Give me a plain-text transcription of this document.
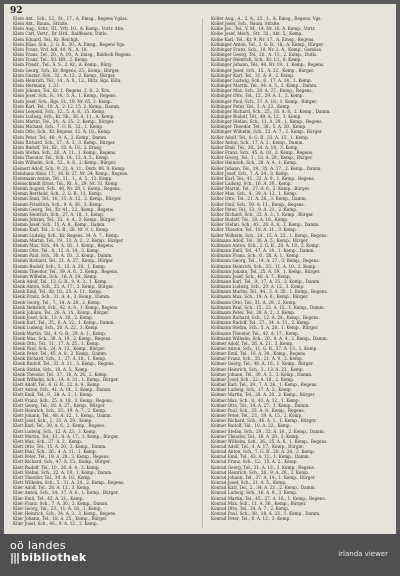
92
Klein Ant., Sch., 12., St., 17., A. Emsg., Regens Vgäss.
Klein Ant., Baum., Straße.
Klein Aug., Schr., III., Vrb. 10., A. Kemp., Vortr. Abn.
Klein Carl, Vertr., Dr. Hrd., Raiffeisen, Dutls.
Klein Eduard, Tel., Kr. Reichgt.
Klein Elias, Sch., 2. G. B., 30., A. Emsg., Regens Vgs.
Klein Franz, Vrd. hdl. 40. N., A. 18.
Klein Franz, Tel., 20., A. 19., A. Emsg., Baldoch Regens.
Klein Franz, Tel., 50. Hft., 2. Kemp.
Klein Friedr., Tel., S. S., 2. Kr., A. Kemp., Bürg.
Klein Georg, Sch., Kr. Regens, 25., Kemp., Bürger.
Klein Gustav, Sch., 33., A. 13., 2. Kemp., Bürger.
Klein Heinrich, Tel., 14., A. 8., 12., Blitz, Rgs. Köln.
Klein Hermann, 1. 21.
Klein Johann, Tel., Kr. 1. Regens, 2. 8., 2. Krn.
Klein Josef, Sch., 8., 14., 5. A., 1. Kemp., Regens.
Klein Josef, Sch., Rgs. St., 19. Nr. 65, 2. Kemp.
Klein Karl, Tel., 10. A., 2. 12. 15. 2. Kemp., Damm.
Klein Leopold, Sch., 12., 5. A. 8., 15. Kemp.
Klein Ludwig, Sch., Kr. Sh., 36. A. 11., A. Kemp.
Klein Martin, Tel., 24., A. 15., 2. Kemp., Bürger.
Klein Michael, Sch., 7. G. B., 32., 1. Kemp.
Klein Otto, Sch., Kr. Regens, 22. A. 18., Kemp.
Klein Peter, Tel., 46., 9. A., 2. Kemp., Damm.
Klein Richard, Sch., 17., A. 3., 3. Kemp., Bürger.
Klein Rudolf, Tel., Kr., 10. A. 19., 2. Emsg.
Klein Stefan, Sch., 28., A. 11., 1. Kemp., Regens.
Klein Theodor, Tel., Sch. 14., 12. A. 5., Kemp.
Klein Wilhelm, Sch., 52., A. 8., 2. Kemp., Bürger.
Kleinert Adolf, Sch., 9. 21. A. 11., Dsch. 80. 9. Kemp.
Kleinhans Alois, 17., 16. B. 27. Nr. 34, Kemp., Regens.
Kleinmann Anton, Tel., 11., 1., A. 5., 12. Kemp.
Kleinschmidt Ernst, Tel., Rt. A., 29. Nr. 31, Kemp.
Klemm August, Sch., 40. Nr. 28, 1. Kemp., Regens.
Klemm Berthold, Sch., 2. G. B., 11. Kemp.
Klemm Emil, Tel., 16., 15. A. 12., 2. Kemp., Bürger.
Klemm Friedrich, Sch., 9. A. 36., 3. Kemp.
Klemm Georg, Tel., Kr. 41., 22., Kemp., Regens.
Klemm Heinrich, Sch., 27. A. 18., 1. Kemp.
Klemm Johann, Tel., 33., 4. A., 2. Kemp., Bürger.
Klemm Josef, Sch., 15. A. 8., Kemp., Damm.
Klemm Karl, Tel., 2. G. B., 26. Nr. 9, 1. Kemp.
Klemm Ludwig, Sch., Kr. Regens, 34. A. 7., Kemp.
Klemm Martin, Tel., 19., 13. A. 2., 2. Kemp., Bürger.
Klemm Max, Sch., 44. A. 16., 1. Kemp., Regens.
Klemm Otto, Tel., 8., 12. A. 14., 3. Kemp.
Klemm Paul, Sch., 30. A. 10., 2. Kemp., Damm.
Klemm Richard, Tel., 21. A. 27., Kemp., Bürger.
Klemm Rudolf, Sch., 5., 13. A. 20., 1. Kemp.
Klemm Theodor, Tel., 39. A. 6., 2. Kemp., Regens.
Klemm Wilhelm, Sch., 16. A. 24., Kemp.
Klenk Adolf, Tel., 12. G. B., 9. A. 3., 1. Kemp.
Klenk Anton, Sch., 23. A. 17., 2. Kemp., Bürger.
Klenk Emil, Tel., Kr. 18., 25. A. 11., Kemp.
Klenk Franz, Sch., 31. A. 4., 3. Kemp., Damm.
Klenk Georg, Tel., 7., 14. A. 28., 2. Kemp.
Klenk Heinrich, Sch., 42. A. 9., 1. Kemp., Regens.
Klenk Johann, Tel., 26. A. 15., Kemp., Bürger.
Klenk Josef, Sch., 13. A. 30., 2. Kemp.
Klenk Karl, Tel., 35., 6. A. 12., 1. Kemp., Damm.
Klenk Ludwig, Sch., 20. A. 22., 3. Kemp.
Klenk Martin, Tel., 4. G. B., 29. A. 1., Kemp.
Klenk Max, Sch., 38. A. 19., 2. Kemp., Regens.
Klenk Otto, Tel., 11., 17. A. 25., 1. Kemp.
Klenk Paul, Sch., 24. A. 13., Kemp., Bürger.
Klenk Peter, Tel., 45. A. 8., 2. Kemp., Damm.
Klenk Richard, Sch., 3., 27. A. 16., 1. Kemp.
Klenk Rudolf, Tel., 32. A. 21., 3. Kemp., Regens.
Klenk Stefan, Sch., 18. A. 5., Kemp.
Klenk Theodor, Tel., 37., 10. A. 26., 2. Kemp.
Klenk Wilhelm, Sch., 14. A. 31., 1. Kemp., Bürger.
Klett Adolf, Tel., 6. G. B., 22. A. 9., Kemp.
Klett Anton, Sch., 41. A. 14., 2. Kemp., Damm.
Klett Emil, Tel., 9., 28. A. 3., 1. Kemp.
Klett Franz, Sch., 25. A. 18., 3. Kemp., Regens.
Klett Georg, Tel., 16. A. 27., Kemp., Bürger.
Klett Heinrich, Sch., 33., 19. A. 7., 2. Kemp.
Klett Johann, Tel., 48. A. 12., 1. Kemp., Damm.
Klett Josef, Sch., 2., 21. A. 29., Kemp.
Klett Karl, Tel., 30. A. 6., 2. Kemp., Regens.
Klett Ludwig, Sch., 12. A. 23., 3. Kemp.
Klett Martin, Tel., 43., 8. A. 17., 1. Kemp., Bürger.
Klett Max, Sch., 27. A. 2., Kemp.
Klett Otto, Tel., 15. A. 20., 2. Kemp., Damm.
Klett Paul, Sch., 36., 4. A. 11., 1. Kemp.
Klett Peter, Tel., 19. A. 28., 3. Kemp., Regens.
Klett Richard, Sch., 47. A. 15., Kemp., Bürger.
Klett Rudolf, Tel., 10., 26. A. 4., 2. Kemp.
Klett Stefan, Sch., 22. A. 19., 1. Kemp., Damm.
Klett Theodor, Tel., 39. A. 10., Kemp.
Klett Wilhelm, Sch., 5., 31. A. 24., 2. Kemp., Regens.
Klier Adolf, Tel., 28. A. 13., 3. Kemp.
Klier Anton, Sch., 14., 17. A. 6., 1. Kemp., Bürger.
Klier Emil, Tel., 42. A. 21., Kemp.
Klier Franz, Sch., 7. A. 30., 2. Kemp., Damm.
Klier Georg, Tel., 23., 11. A. 16., 1. Kemp.
Klier Heinrich, Sch., 34. A. 3., 3. Kemp., Regens.
Klier Johann, Tel., 18. A. 25., Kemp., Bürger.
Klier Josef, Sch., 46., 9. A. 12., 2. Kemp.
Koller Aug., A., 2. A., 25., 1., A. Emsg., Regens, Vgs.
Koller Josef, Sch., Baum. Straße.
Kolbe Jos., Tel., V. M., 14. Nr. 16, A. Kemp., Vortr.
Kolbe Josef, Mech., Str., 32., Abt. 5., Kemp.
Kolbe Karl, Tel., Kr. 9. Nr. 17., A. Emsg., Regens.
Kolbinger Anton, Tel., 2. G. B., 18., A. Kemp., Bürger.
Kolbinger Franz, Sch., 10. Nr. 2. A., Kemp., Gemäss.
Kolbinger Georg, Tel., 26., A. 11., 2. Kemp., Dutls.
Kolbinger Heinrich, Sch., Kr. 13., 8. Kemp.
Kolbinger Johann, Tel., 40. Nr. 19., 1. Kemp., Regens.
Kolbinger Josef, Sch., 15., A. 22., Kemp., Bürger.
Kolbinger Karl, Tel., 31. A. 9., 2. Kemp.
Kolbinger Ludwig, Sch., 6., 17. A. 14., 1. Kemp.
Kolbinger Martin, Tel., 44. A. 5., 3. Kemp., Damm.
Kolbinger Max, Sch., 20. A. 27., Kemp., Regens.
Kolbinger Otto, Tel., 12., 29. A. 1., 2. Kemp.
Kolbinger Paul, Sch., 37. A. 18., 1. Kemp., Bürger.
Kolbinger Peter, Tel., 3. A. 23., Kemp.
Kolbinger Richard, Sch., 25., 16. A. 8., 2. Kemp., Damm.
Kolbinger Rudolf, Tel., 49. A. 12., 3. Kemp.
Kolbinger Stefan, Sch., 11. A. 29., 1. Kemp., Regens.
Kolbinger Theodor, Tel., 38., 5. A. 20., Kemp.
Kolbinger Wilhelm, Sch., 22. A. 7., 2. Kemp., Bürger.
Koller Adolf, Tel., 8. G. B., 33. A. 15., 1. Kemp.
Koller Anton, Sch., 17. A. 2., Kemp., Damm.
Koller Emil, Tel., 30., 24. A. 19., 3. Kemp.
Koller Franz, Sch., 45. A. 10., 2. Kemp., Regens.
Koller Georg, Tel., 1., 13. A. 28., Kemp., Bürger.
Koller Heinrich, Sch., 28. A. 4., 1. Kemp.
Koller Johann, Tel., 19., 35. A. 17., 2. Kemp., Damm.
Koller Josef, Sch., 7. A. 24., 3. Kemp.
Koller Karl, Tel., 41., 22. A. 9., 1. Kemp., Regens.
Koller Ludwig, Sch., 16. A. 30., Kemp.
Koller Martin, Tel., 27. A. 6., 2. Kemp., Bürger.
Koller Max, Sch., 4., 39. A. 13., 1. Kemp.
Koller Otto, Tel., 21. A. 26., 3. Kemp., Damm.
Koller Paul, Sch., 50. A. 11., Kemp., Regens.
Koller Peter, Tel., 13., 9. A. 21., 2. Kemp.
Koller Richard, Sch., 32. A. 3., 1. Kemp., Bürger.
Koller Rudolf, Tel., 18. A. 16., Kemp.
Koller Stefan, Sch., 43., 26. A. 8., 2. Kemp., Damm.
Koller Theodor, Tel., 10. A. 31., 3. Kemp.
Koller Wilhelm, Sch., 24., 15. A. 22., 1. Kemp., Regens.
Kollmann Adolf, Tel., 36. A. 5., Kemp., Bürger.
Kollmann Anton, Sch., 2. G. B., 20. A. 18., 2. Kemp.
Kollmann Emil, Tel., 47. A. 14., 1. Kemp., Damm.
Kollmann Franz, Sch., 6., 28. A. 1., Kemp.
Kollmann Georg, Tel., 14. A. 27., 3. Kemp., Regens.
Kollmann Heinrich, Sch., 33., 11. A. 10., 2. Kemp.
Kollmann Johann, Tel., 25. A. 19., 1. Kemp., Bürger.
Kollmann Josef, Sch., 40. A. 7., Kemp.
Kollmann Karl, Tel., 9., 17. A. 25., 2. Kemp., Damm.
Kollmann Ludwig, Sch., 29. A. 12., 3. Kemp.
Kollmann Martin, Tel., 44., 3. A. 20., 1. Kemp., Regens.
Kollmann Max, Sch., 19. A. 6., Kemp., Bürger.
Kollmann Otto, Tel., 31. A. 29., 2. Kemp.
Kollmann Paul, Sch., 15., 23. A. 15., 1. Kemp., Damm.
Kollmann Peter, Tel., 38. A. 2., 3. Kemp.
Kollmann Richard, Sch., 12. A. 24., Kemp., Regens.
Kollmann Rudolf, Tel., 27., 34. A. 11., 2. Kemp.
Kollmann Stefan, Sch., 5. A. 28., 1. Kemp., Bürger.
Kollmann Theodor, Tel., 42. A. 17., Kemp.
Kollmann Wilhelm, Sch., 20., 8. A. 4., 2. Kemp., Damm.
Kolmer Adolf, Tel., 26. A. 21., 3. Kemp.
Kolmer Anton, Sch., 11. G. B., 37. A. 13., 1. Kemp.
Kolmer Emil, Tel., 16. A. 30., Kemp., Regens.
Kolmer Franz, Sch., 35., 21. A. 9., 2. Kemp.
Kolmer Georg, Tel., 48. A. 16., 1. Kemp., Bürger.
Kolmer Heinrich, Sch., 3., 13. A. 23., Kemp.
Kolmer Johann, Tel., 30. A. 5., 3. Kemp., Damm.
Kolmer Josef, Sch., 22. A. 18., 2. Kemp.
Kolmer Karl, Tel., 39., 7. A. 26., 1. Kemp., Regens.
Kolmer Ludwig, Sch., 17. A. 3., Kemp.
Kolmer Martin, Tel., 28. A. 20., 2. Kemp., Bürger.
Kolmer Max, Sch., 8., 41. A. 12., 1. Kemp.
Kolmer Otto, Tel., 14. A. 27., 3. Kemp., Damm.
Kolmer Paul, Sch., 33. A. 8., Kemp., Regens.
Kolmer Peter, Tel., 23., 19. A. 15., 2. Kemp.
Kolmer Richard, Sch., 46. A. 1., 1. Kemp., Bürger.
Kolmer Rudolf, Tel., 10. A. 22., Kemp.
Kolmer Stefan, Sch., 29., 32. A. 10., 2. Kemp., Damm.
Kolmer Theodor, Tel., 18. A. 29., 3. Kemp.
Kolmer Wilhelm, Sch., 36., 25. A. 6., 1. Kemp., Regens.
Konrad Adolf, Tel., 4. A. 17., Kemp., Bürger.
Konrad Anton, Sch., 7. G. B., 20. A. 24., 2. Kemp.
Konrad Emil, Tel., 43. A. 11., 1. Kemp., Damm.
Konrad Franz, Sch., 12., 15. A. 2., Kemp.
Konrad Georg, Tel., 31. A. 19., 3. Kemp., Regens.
Konrad Heinrich, Sch., 26., 9. A. 28., 2. Kemp.
Konrad Johann, Tel., 37. A. 14., 1. Kemp., Bürger.
Konrad Josef, Sch., 21. A. 5., Kemp.
Konrad Karl, Tel., 2., 34. A. 21., 2. Kemp., Damm.
Konrad Ludwig, Sch., 16. A. 9., 3. Kemp.
Konrad Martin, Tel., 45., 27. A. 16., 1. Kemp., Regens.
Konrad Max, Sch., 11. A. 30., Kemp., Bürger.
Konrad Otto, Tel., 24. A. 7., 2. Kemp.
Konrad Paul, Sch., 38., 18. A. 23., 1. Kemp., Damm.
Konrad Peter, Tel., 6. A. 12., 3. Kemp.
oö landes
||| bibliothek	irlanda viewer
